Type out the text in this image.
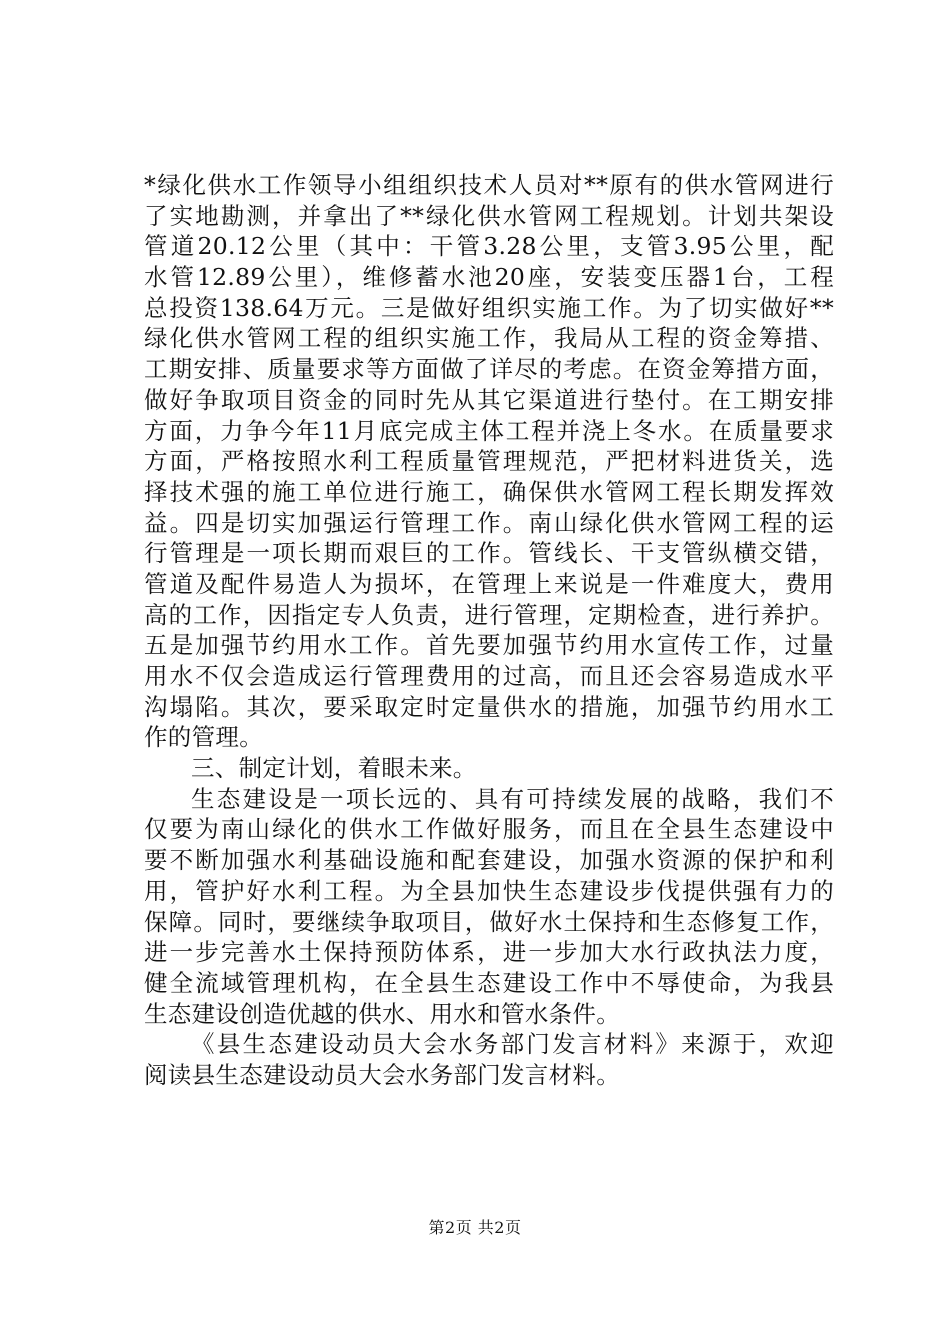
*绿化供水工作领导小组组织技术人员对**原有的供水管网进行
了实地勘测，并拿出了**绿化供水管网工程规划。计划共架设
管道20.12公里（其中：干管3.28公里，支管3.95公里，配
水管12.89公里），维修蓄水池20座，安装变压器1台，工程
总投资138.64万元。三是做好组织实施工作。为了切实做好**
绿化供水管网工程的组织实施工作，我局从工程的资金筹措、
工期安排、质量要求等方面做了详尽的考虑。在资金筹措方面，
做好争取项目资金的同时先从其它渠道进行垫付。在工期安排
方面，力争今年11月底完成主体工程并浇上冬水。在质量要求
方面，严格按照水利工程质量管理规范，严把材料进货关，选
择技术强的施工单位进行施工，确保供水管网工程长期发挥效
益。四是切实加强运行管理工作。南山绿化供水管网工程的运
行管理是一项长期而艰巨的工作。管线长、干支管纵横交错，
管道及配件易造人为损坏，在管理上来说是一件难度大，费用
高的工作，因指定专人负责，进行管理，定期检查，进行养护。
五是加强节约用水工作。首先要加强节约用水宣传工作，过量
用水不仅会造成运行管理费用的过高，而且还会容易造成水平
沟塌陷。其次，要采取定时定量供水的措施，加强节约用水工
作的管理。
三、制定计划，着眼未来。
生态建设是一项长远的、具有可持续发展的战略，我们不
仅要为南山绿化的供水工作做好服务，而且在全县生态建设中
要不断加强水利基础设施和配套建设，加强水资源的保护和利
用，管护好水利工程。为全县加快生态建设步伐提供强有力的
保障。同时，要继续争取项目，做好水土保持和生态修复工作，
进一步完善水土保持预防体系，进一步加大水行政执法力度，
健全流域管理机构，在全县生态建设工作中不辱使命，为我县
生态建设创造优越的供水、用水和管水条件。
《县生态建设动员大会水务部门发言材料》来源于，欢迎
阅读县生态建设动员大会水务部门发言材料。
第2页 共2页
